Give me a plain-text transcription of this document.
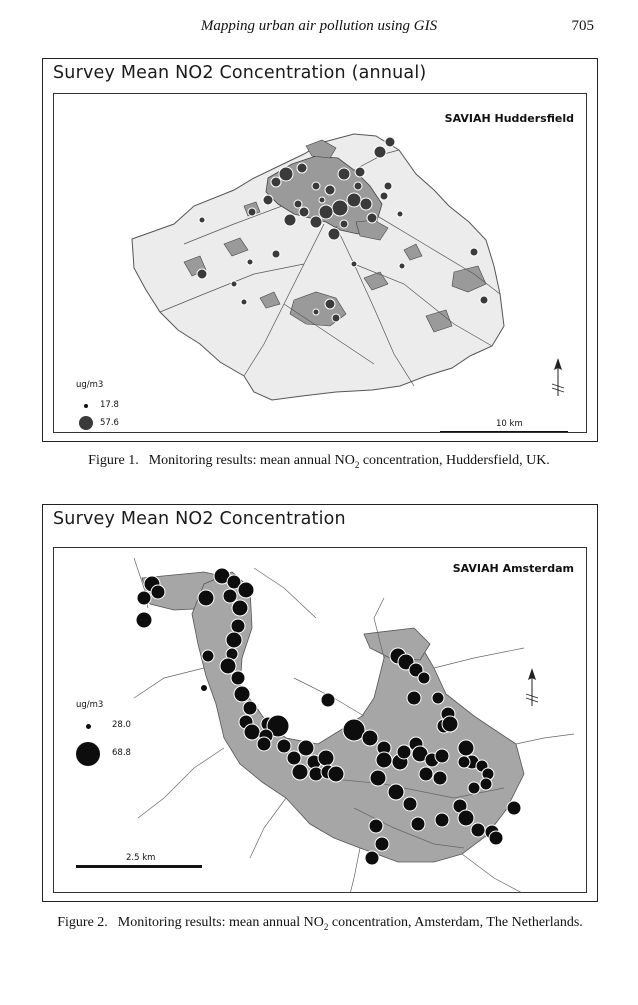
Mapping urban air pollution using GIS	705
Survey Mean NO2 Concentration (annual)
SAVIAH Huddersfield
ug/m3
17.8
57.6	10 km
Figure 1. Monitoring results: mean annual $NO_2$ concentration, Huddersfield, UK.
Survey Mean NO2 Concentration
SAVIAH Amsterdam
ug/m3
28.0
68.8
2.5 km
Figure 2. Monitoring results: mean annual $NO_2$ concentration, Amsterdam, The Netherlands.
